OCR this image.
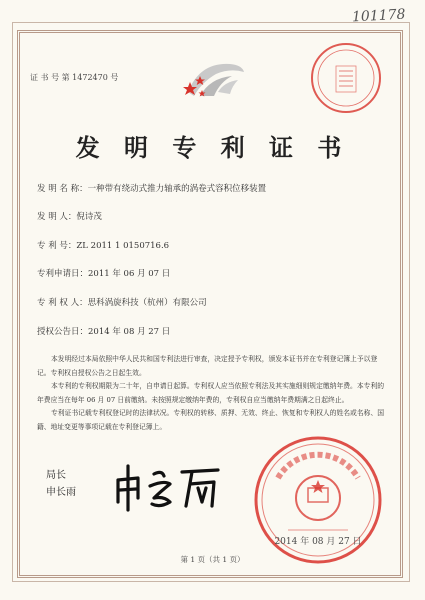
101178
证 书 号 第 1472470 号
发 明 专 利 证 书
发 明 名 称：一种带有绕动式推力轴承的涡卷式容积位移装置
发 明 人：倪诗茂
专 利 号：ZL 2011 1 0150716.6
专利申请日：2011 年 06 月 07 日
专 利 权 人：思科涡旋科技（杭州）有限公司
授权公告日：2014 年 08 月 27 日

本发明经过本局依照中华人民共和国专利法进行审查，决定授予专利权，颁发本证书并在专利登记簿上予以登记。专利权自授权公告之日起生效。

本专利的专利权期限为二十年，自申请日起算。专利权人应当依照专利法及其实施细则规定缴纳年费。本专利的年费应当在每年 06 月 07 日前缴纳。未按照规定缴纳年费的，专利权自应当缴纳年费期满之日起终止。

专利证书记载专利权登记时的法律状况。专利权的转移、质押、无效、终止、恢复和专利权人的姓名或名称、国籍、地址变更等事项记载在专利登记簿上。

局长
申长雨
2014 年 08 月 27 日
第 1 页（共 1 页）
